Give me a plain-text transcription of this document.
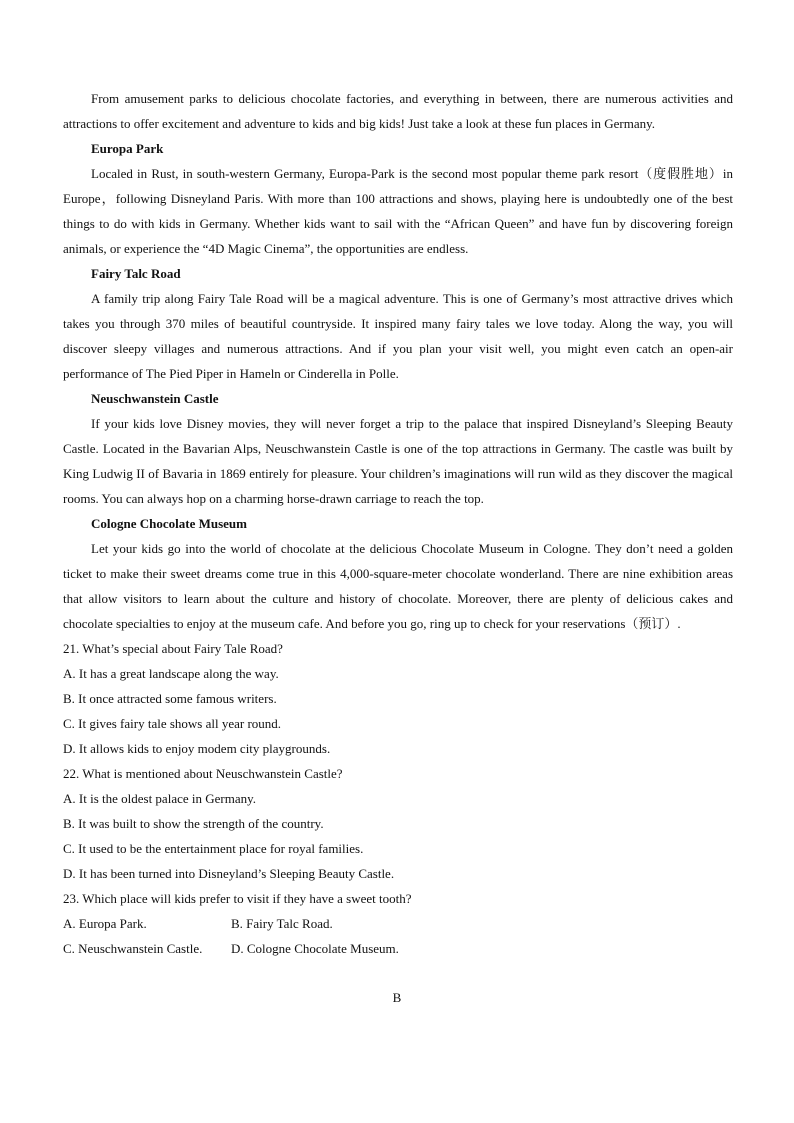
From amusement parks to delicious chocolate factories, and everything in between, there are numerous activities and attractions to offer excitement and adventure to kids and big kids! Just take a look at these fun places in Germany.

Europa Park

Localed in Rust, in south-western Germany, Europa-Park is the second most popular theme park resort（度假胜地）in Europe，following Disneyland Paris. With more than 100 attractions and shows, playing here is undoubtedly one of the best things to do with kids in Germany. Whether kids want to sail with the “African Queen” and have fun by discovering foreign animals, or experience the “4D Magic Cinema”, the opportunities are endless.

Fairy Talc Road

A family trip along Fairy Tale Road will be a magical adventure. This is one of Germany’s most attractive drives which takes you through 370 miles of beautiful countryside. It inspired many fairy tales we love today. Along the way, you will discover sleepy villages and numerous attractions. And if you plan your visit well, you might even catch an open-air performance of The Pied Piper in Hameln or Cinderella in Polle.

Neuschwanstein Castle

If your kids love Disney movies, they will never forget a trip to the palace that inspired Disneyland’s Sleeping Beauty Castle. Located in the Bavarian Alps, Neuschwanstein Castle is one of the top attractions in Germany. The castle was built by King Ludwig II of Bavaria in 1869 entirely for pleasure. Your children’s imaginations will run wild as they discover the magical rooms. You can always hop on a charming horse-drawn carriage to reach the top.

Cologne Chocolate Museum

Let your kids go into the world of chocolate at the delicious Chocolate Museum in Cologne. They don’t need a golden ticket to make their sweet dreams come true in this 4,000-square-meter chocolate wonderland. There are nine exhibition areas that allow visitors to learn about the culture and history of chocolate. Moreover, there are plenty of delicious cakes and chocolate specialties to enjoy at the museum cafe. And before you go, ring up to check for your reservations（预订）.

21. What’s special about Fairy Tale Road?

A. It has a great landscape along the way.

B. It once attracted some famous writers.

C. It gives fairy tale shows all year round.

D. It allows kids to enjoy modem city playgrounds.

22. What is mentioned about Neuschwanstein Castle?

A. It is the oldest palace in Germany.

B. It was built to show the strength of the country.

C. It used to be the entertainment place for royal families.

D. It has been turned into Disneyland’s Sleeping Beauty Castle.

23. Which place will kids prefer to visit if they have a sweet tooth?

A. Europa Park.	B. Fairy Talc Road.

C. Neuschwanstein Castle.	D. Cologne Chocolate Museum.

B
